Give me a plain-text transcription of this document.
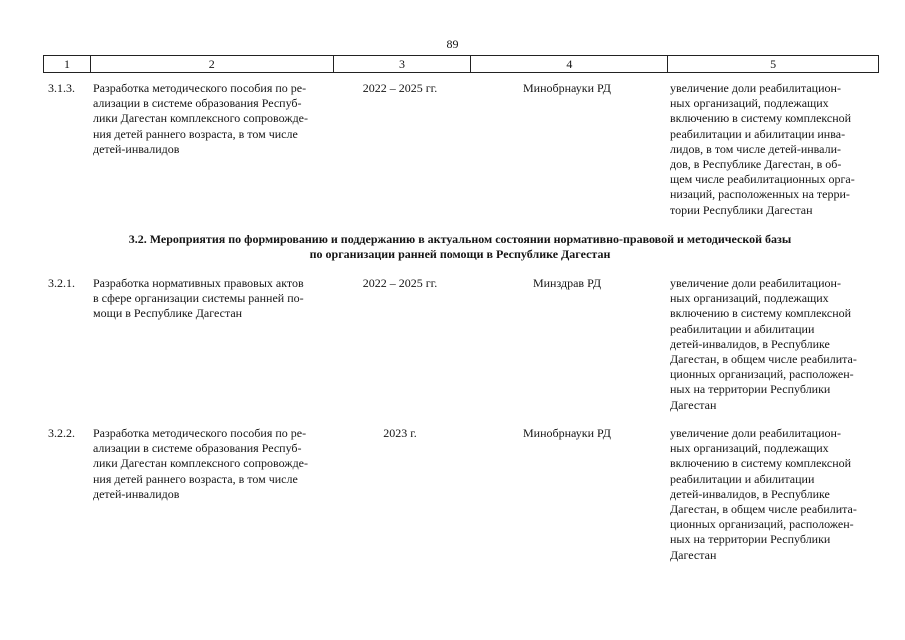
89
1	2	3	4	5
3.1.3. Разработка методического пособия по ре-
ализации в системе образования Респуб-
лики Дагестан комплексного сопровожде-
ния детей раннего возраста, в том числе
детей-инвалидов
2022 – 2025 гг.	Минобрнауки РД	увеличение доли реабилитацион-
ных организаций, подлежащих
включению в систему комплексной
реабилитации и абилитации инва-
лидов, в том числе детей-инвали-
дов, в Республике Дагестан, в об-
щем числе реабилитационных орга-
низаций, расположенных на терри-
тории Республики Дагестан
3.2. Мероприятия по формированию и поддержанию в актуальном состоянии нормативно-правовой и методической базы
по организации ранней помощи в Республике Дагестан
3.2.1. Разработка нормативных правовых актов
в сфере организации системы ранней по-
мощи в Республике Дагестан
2022 – 2025 гг.	Минздрав РД	увеличение доли реабилитацион-
ных организаций, подлежащих
включению в систему комплексной
реабилитации и абилитации
детей-инвалидов, в Республике
Дагестан, в общем числе реабилита-
ционных организаций, расположен-
ных на территории Республики
Дагестан
3.2.2. Разработка методического пособия по ре-
ализации в системе образования Респуб-
лики Дагестан комплексного сопровожде-
ния детей раннего возраста, в том числе
детей-инвалидов
2023 г.	Минобрнауки РД	увеличение доли реабилитацион-
ных организаций, подлежащих
включению в систему комплексной
реабилитации и абилитации
детей-инвалидов, в Республике
Дагестан, в общем числе реабилита-
ционных организаций, расположен-
ных на территории Республики
Дагестан
